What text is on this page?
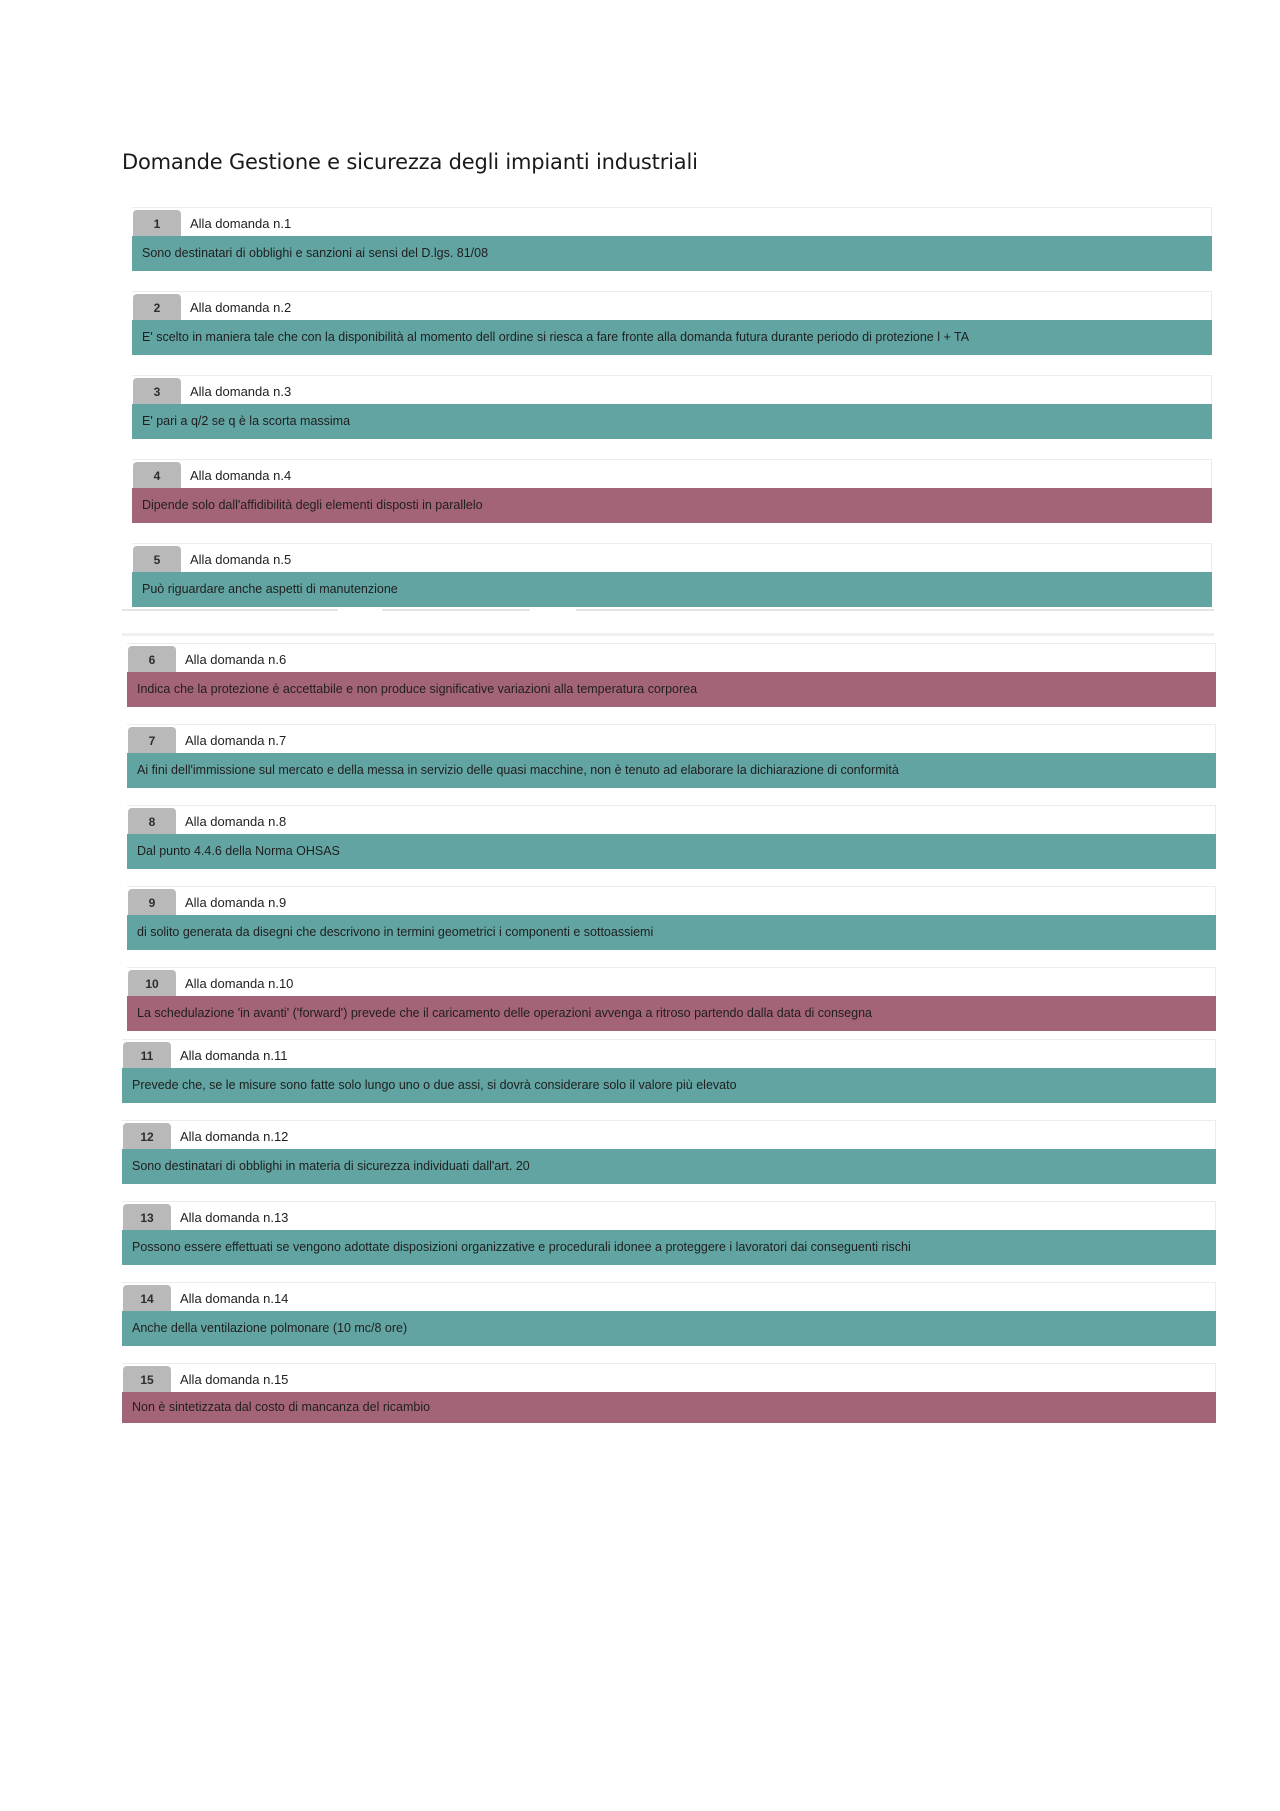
Domande Gestione e sicurezza degli impianti industriali
1	Alla domanda n.1
Sono destinatari di obblighi e sanzioni ai sensi del D.lgs. 81/08
2	Alla domanda n.2
E' scelto in maniera tale che con la disponibilità al momento dell ordine si riesca a fare fronte alla domanda futura durante periodo di protezione l + TA
3	Alla domanda n.3
E' pari a q/2 se q è la scorta massima
4	Alla domanda n.4
Dipende solo dall'affidibilità degli elementi disposti in parallelo
5	Alla domanda n.5
Può riguardare anche aspetti di manutenzione
6	Alla domanda n.6
Indica che la protezione è accettabile e non produce significative variazioni alla temperatura corporea
7	Alla domanda n.7
Ai fini dell'immissione sul mercato e della messa in servizio delle quasi macchine, non è tenuto ad elaborare la dichiarazione di conformità
8	Alla domanda n.8
Dal punto 4.4.6 della Norma OHSAS
9	Alla domanda n.9
di solito generata da disegni che descrivono in termini geometrici i componenti e sottoassiemi
10	Alla domanda n.10
La schedulazione 'in avanti' ('forward') prevede che il caricamento delle operazioni avvenga a ritroso partendo dalla data di consegna
11	Alla domanda n.11
Prevede che, se le misure sono fatte solo lungo uno o due assi, si dovrà considerare solo il valore più elevato
12	Alla domanda n.12
Sono destinatari di obblighi in materia di sicurezza individuati dall'art. 20
13	Alla domanda n.13
Possono essere effettuati se vengono adottate disposizioni organizzative e procedurali idonee a proteggere i lavoratori dai conseguenti rischi
14	Alla domanda n.14
Anche della ventilazione polmonare (10 mc/8 ore)
15	Alla domanda n.15
Non è sintetizzata dal costo di mancanza del ricambio
